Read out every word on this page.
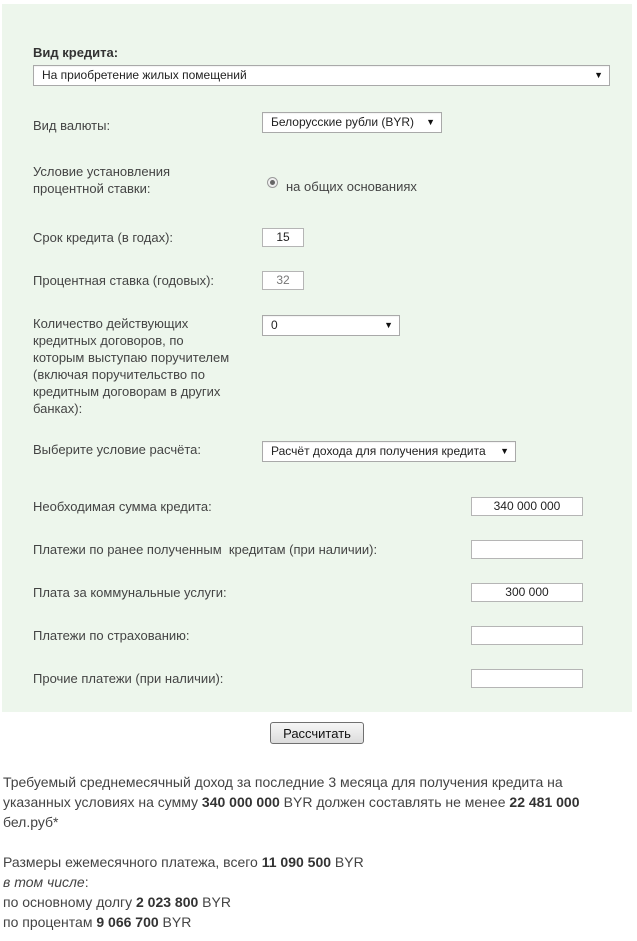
Вид кредита:
На приобретение жилых помещений	▼
Вид валюты:	Белорусские рубли (BYR) ▼
Условие установления
процентной ставки:	на общих основаниях
Срок кредита (в годах):	15
Процентная ставка (годовых):	32
Количество действующих
кредитных договоров, по
которым выступаю поручителем
(включая поручительство по
кредитным договорам в других
банках):
0	▼
Выберите условие расчёта:	Расчёт дохода для получения кредита ▼
Необходимая сумма кредита:	340 000 000
Платежи по ранее полученным  кредитам (при наличии):
Плата за коммунальные услуги:	300 000
Платежи по страхованию:
Прочие платежи (при наличии):
Рассчитать
Требуемый среднемесячный доход за последние 3 месяца для получения кредита на
указанных условиях на сумму 340 000 000 BYR должен составлять не менее 22 481 000
бел.руб*
Размеры ежемесячного платежа, всего 11 090 500 BYR
в том числе:
по основному долгу 2 023 800 BYR
по процентам 9 066 700 BYR
